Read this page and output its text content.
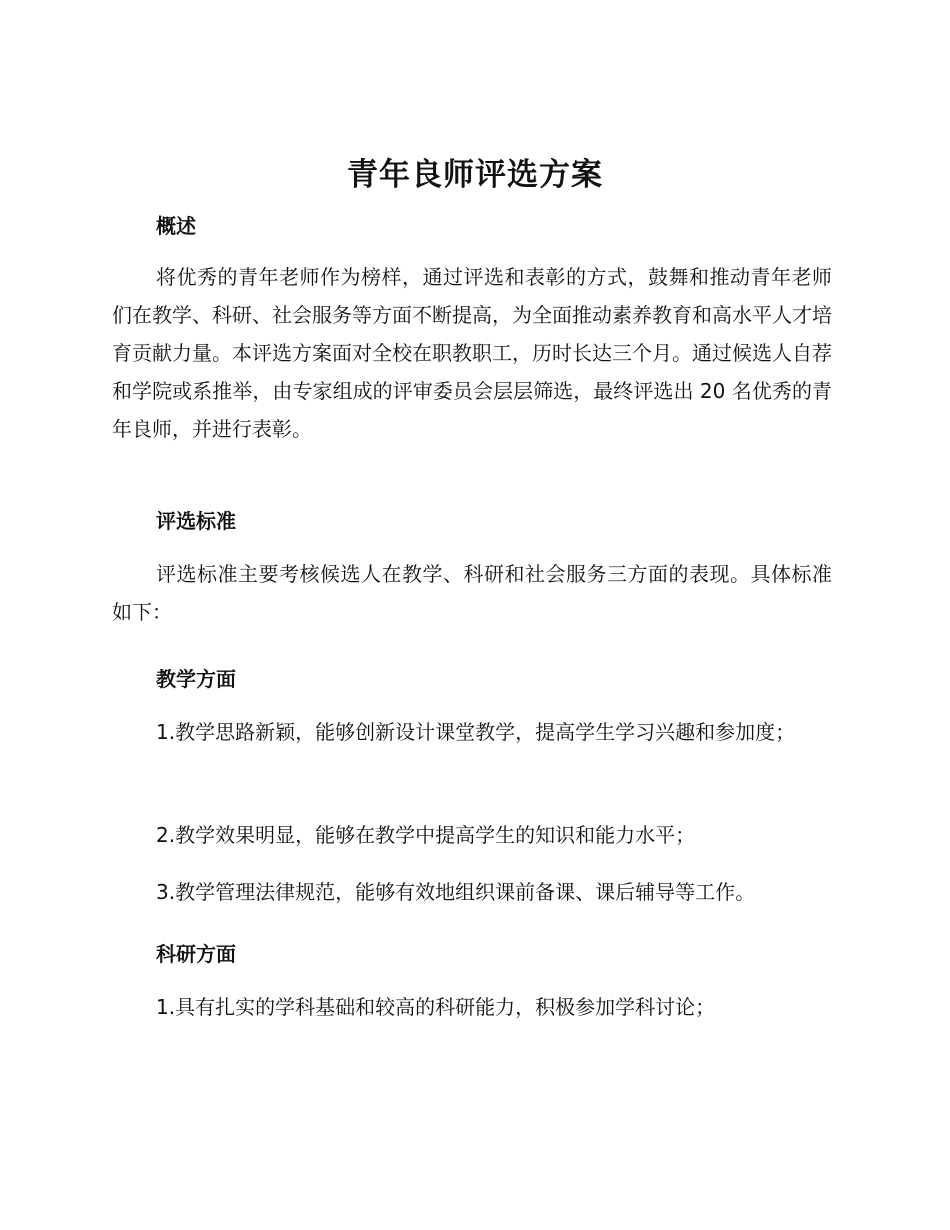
青年良师评选方案
概述

将优秀的青年老师作为榜样，通过评选和表彰的方式，鼓舞和推动青年老师们在教学、科研、社会服务等方面不断提高，为全面推动素养教育和高水平人才培育贡献力量。本评选方案面对全校在职教职工，历时长达三个月。通过候选人自荐和学院或系推举，由专家组成的评审委员会层层筛选，最终评选出 20 名优秀的青年良师，并进行表彰。

评选标准

评选标准主要考核候选人在教学、科研和社会服务三方面的表现。具体标准如下：

教学方面

1.教学思路新颖，能够创新设计课堂教学，提高学生学习兴趣和参加度；

2.教学效果明显，能够在教学中提高学生的知识和能力水平；

3.教学管理法律规范，能够有效地组织课前备课、课后辅导等工作。

科研方面

1.具有扎实的学科基础和较高的科研能力，积极参加学科讨论；
